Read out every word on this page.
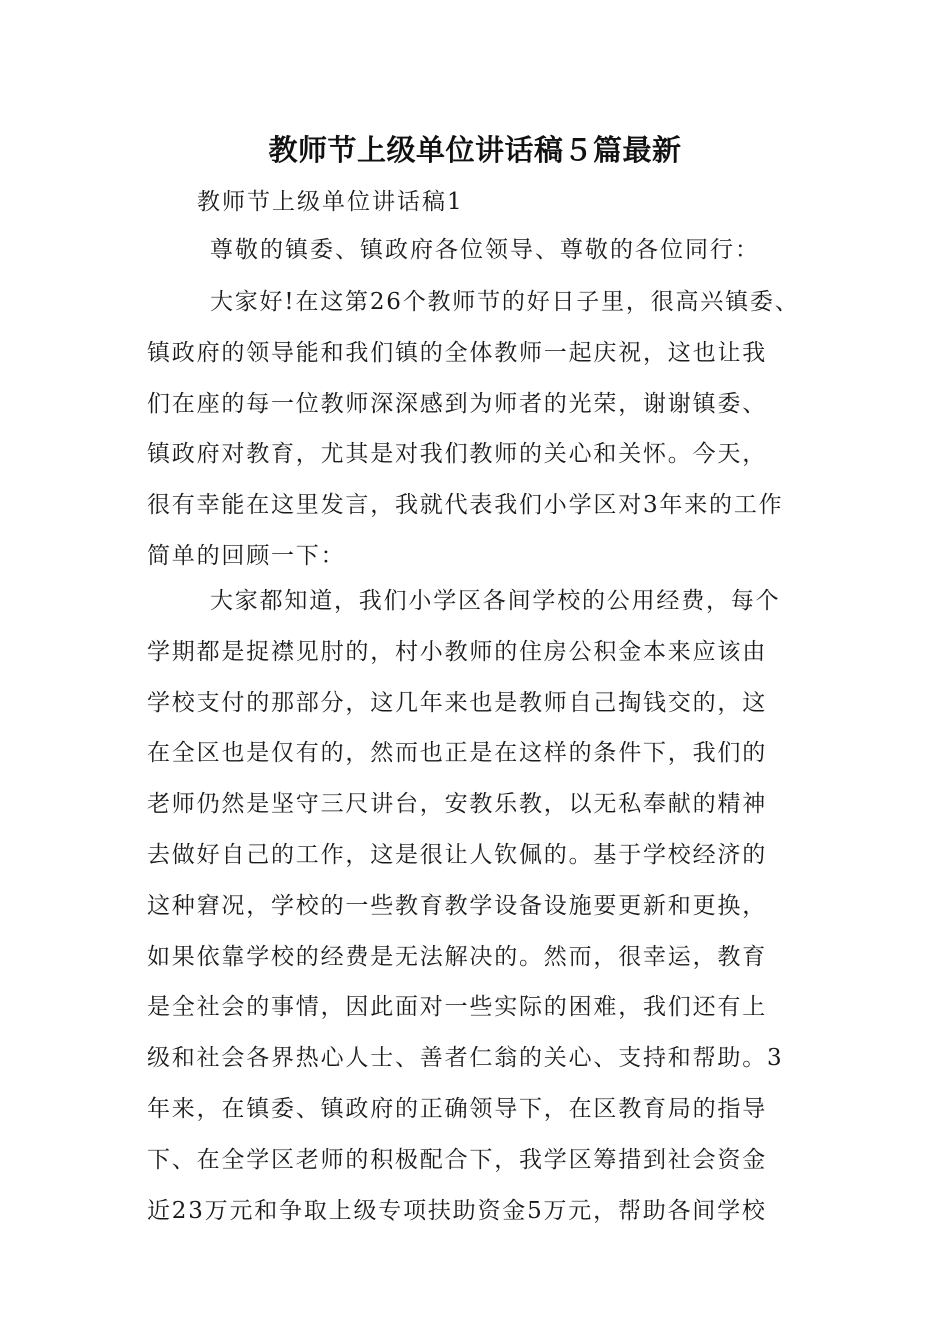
教师节上级单位讲话稿５篇最新
教师节上级单位讲话稿1
尊敬的镇委、镇政府各位领导、尊敬的各位同行：
大家好!在这第26个教师节的好日子里，很高兴镇委、
镇政府的领导能和我们镇的全体教师一起庆祝，这也让我
们在座的每一位教师深深感到为师者的光荣，谢谢镇委、
镇政府对教育，尤其是对我们教师的关心和关怀。今天，
很有幸能在这里发言，我就代表我们小学区对3年来的工作
简单的回顾一下：
大家都知道，我们小学区各间学校的公用经费，每个
学期都是捉襟见肘的，村小教师的住房公积金本来应该由
学校支付的那部分，这几年来也是教师自己掏钱交的，这
在全区也是仅有的，然而也正是在这样的条件下，我们的
老师仍然是坚守三尺讲台，安教乐教，以无私奉献的精神
去做好自己的工作，这是很让人钦佩的。基于学校经济的
这种窘况，学校的一些教育教学设备设施要更新和更换，
如果依靠学校的经费是无法解决的。然而，很幸运，教育
是全社会的事情，因此面对一些实际的困难，我们还有上
级和社会各界热心人士、善者仁翁的关心、支持和帮助。3
年来，在镇委、镇政府的正确领导下，在区教育局的指导
下、在全学区老师的积极配合下，我学区筹措到社会资金
近23万元和争取上级专项扶助资金5万元，帮助各间学校
